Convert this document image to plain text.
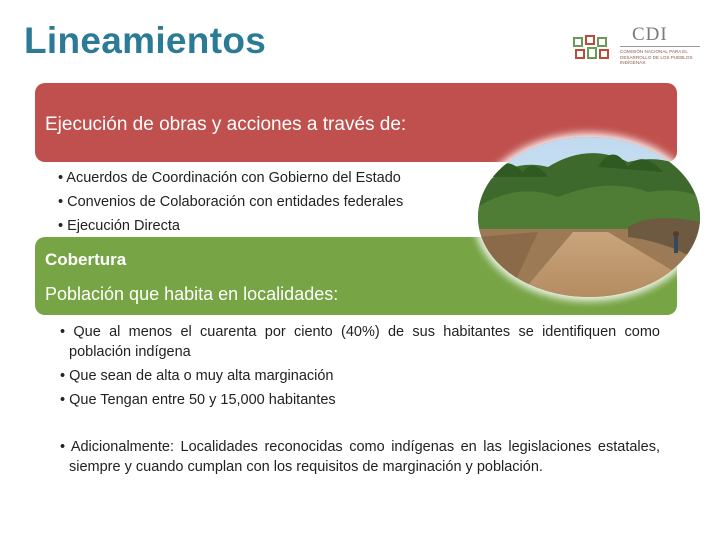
Lineamientos	CDI
COMISIÓN NACIONAL PARA EL DESARROLLO DE LOS PUEBLOS INDÍGENAS
Ejecución de obras y acciones a través de:
• Acuerdos de Coordinación con Gobierno del Estado
• Convenios de Colaboración con entidades federales
• Ejecución Directa
Cobertura
Población que habita en localidades:

• Que al menos el cuarenta por ciento (40%) de sus habitantes se identifiquen como población indígena

• Que sean de alta o muy alta marginación

• Que Tengan entre 50 y 15,000 habitantes

• Adicionalmente: Localidades reconocidas como indígenas en las legislaciones estatales, siempre y cuando cumplan con los requisitos de marginación y población.
